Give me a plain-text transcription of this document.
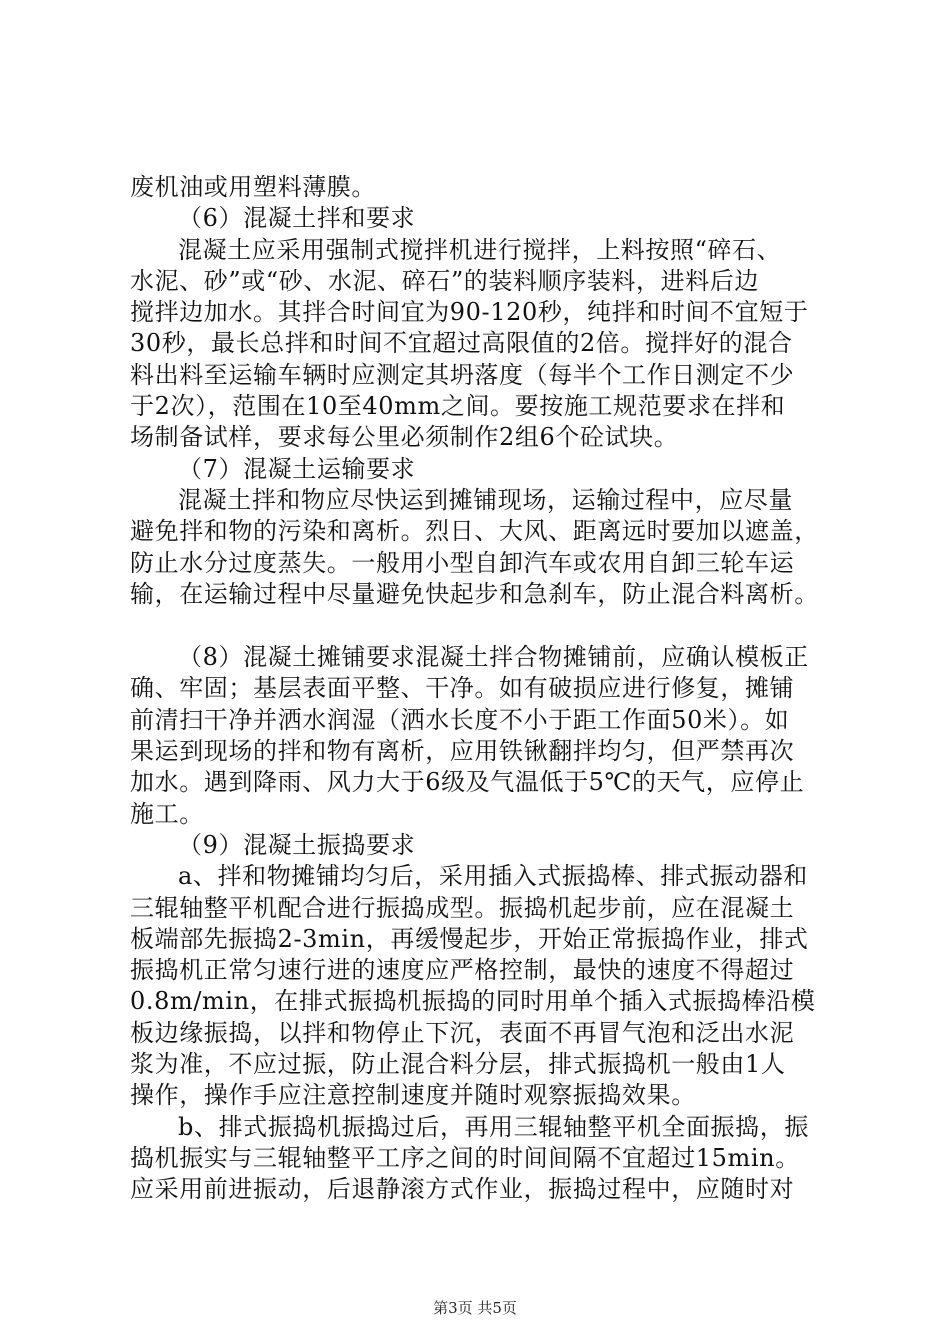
废机油或用塑料薄膜。
（6）混凝土拌和要求
混凝土应采用强制式搅拌机进行搅拌，上料按照“碎石、
水泥、砂”或“砂、水泥、碎石”的装料顺序装料，进料后边
搅拌边加水。其拌合时间宜为90-120秒，纯拌和时间不宜短于
30秒，最长总拌和时间不宜超过高限值的2倍。搅拌好的混合
料出料至运输车辆时应测定其坍落度（每半个工作日测定不少
于2次），范围在10至40mm之间。要按施工规范要求在拌和
场制备试样，要求每公里必须制作2组6个砼试块。
（7）混凝土运输要求
混凝土拌和物应尽快运到摊铺现场，运输过程中，应尽量
避免拌和物的污染和离析。烈日、大风、距离远时要加以遮盖，
防止水分过度蒸失。一般用小型自卸汽车或农用自卸三轮车运
输，在运输过程中尽量避免快起步和急刹车，防止混合料离析。
（8）混凝土摊铺要求混凝土拌合物摊铺前，应确认模板正
确、牢固；基层表面平整、干净。如有破损应进行修复，摊铺
前清扫干净并洒水润湿（洒水长度不小于距工作面50米）。如
果运到现场的拌和物有离析，应用铁锹翻拌均匀，但严禁再次
加水。遇到降雨、风力大于6级及气温低于5℃的天气，应停止
施工。
（9）混凝土振捣要求
a、拌和物摊铺均匀后，采用插入式振捣棒、排式振动器和
三辊轴整平机配合进行振捣成型。振捣机起步前，应在混凝土
板端部先振捣2-3min，再缓慢起步，开始正常振捣作业，排式
振捣机正常匀速行进的速度应严格控制，最快的速度不得超过
0.8m/min，在排式振捣机振捣的同时用单个插入式振捣棒沿模
板边缘振捣，以拌和物停止下沉，表面不再冒气泡和泛出水泥
浆为准，不应过振，防止混合料分层，排式振捣机一般由1人
操作，操作手应注意控制速度并随时观察振捣效果。
b、排式振捣机振捣过后，再用三辊轴整平机全面振捣，振
捣机振实与三辊轴整平工序之间的时间间隔不宜超过15min。
应采用前进振动，后退静滚方式作业，振捣过程中，应随时对
第3页 共5页
